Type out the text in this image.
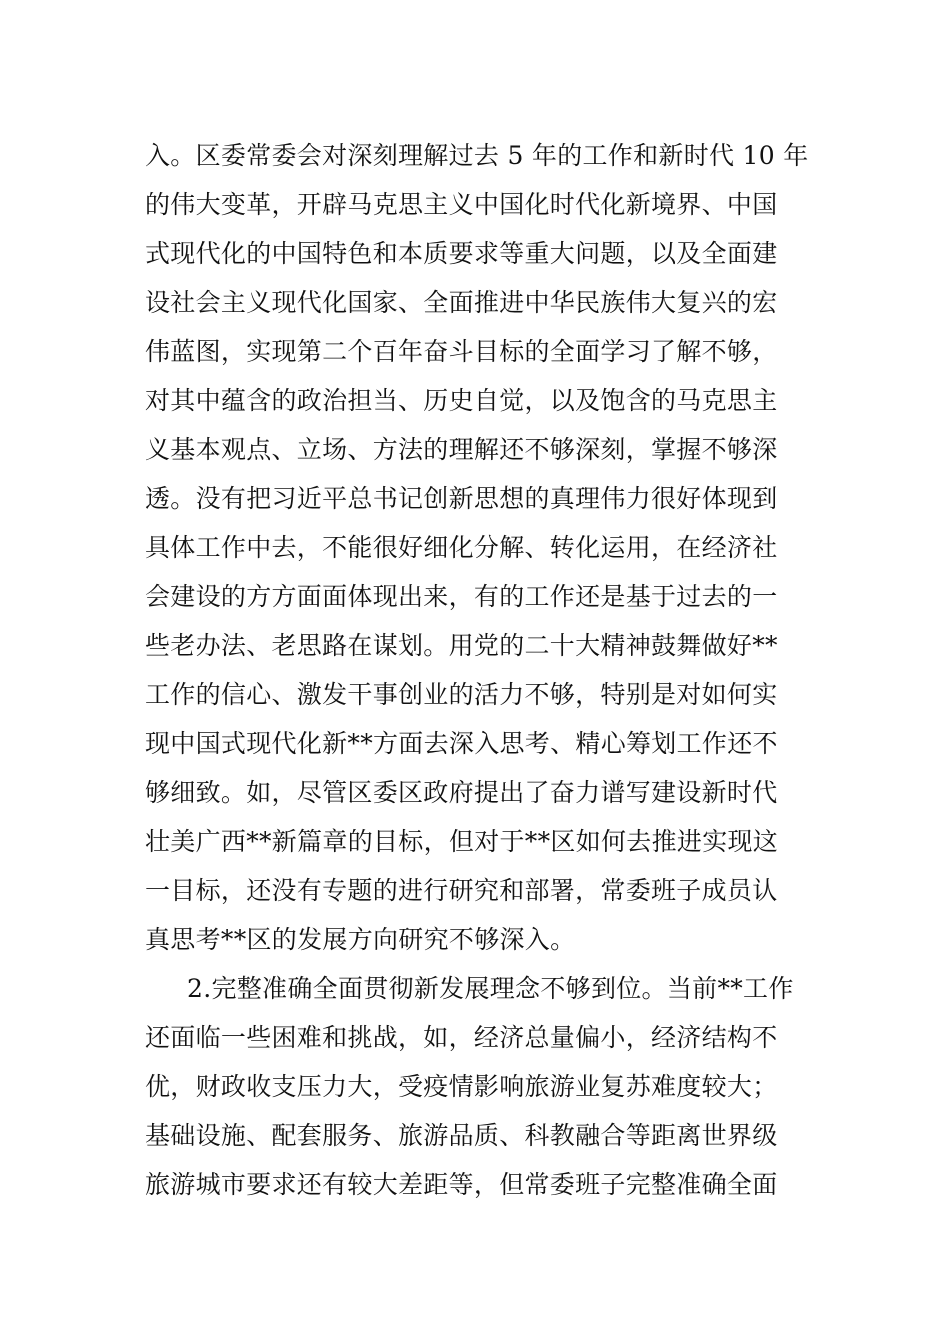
入。区委常委会对深刻理解过去 5 年的工作和新时代 10 年
的伟大变革，开辟马克思主义中国化时代化新境界、中国
式现代化的中国特色和本质要求等重大问题，以及全面建
设社会主义现代化国家、全面推进中华民族伟大复兴的宏
伟蓝图，实现第二个百年奋斗目标的全面学习了解不够，
对其中蕴含的政治担当、历史自觉，以及饱含的马克思主
义基本观点、立场、方法的理解还不够深刻，掌握不够深
透。没有把习近平总书记创新思想的真理伟力很好体现到
具体工作中去，不能很好细化分解、转化运用，在经济社
会建设的方方面面体现出来，有的工作还是基于过去的一
些老办法、老思路在谋划。用党的二十大精神鼓舞做好**
工作的信心、激发干事创业的活力不够，特别是对如何实
现中国式现代化新**方面去深入思考、精心筹划工作还不
够细致。如，尽管区委区政府提出了奋力谱写建设新时代
壮美广西**新篇章的目标，但对于**区如何去推进实现这
一目标，还没有专题的进行研究和部署，常委班子成员认
真思考**区的发展方向研究不够深入。
2.完整准确全面贯彻新发展理念不够到位。当前**工作
还面临一些困难和挑战，如，经济总量偏小，经济结构不
优，财政收支压力大，受疫情影响旅游业复苏难度较大；
基础设施、配套服务、旅游品质、科教融合等距离世界级
旅游城市要求还有较大差距等，但常委班子完整准确全面
